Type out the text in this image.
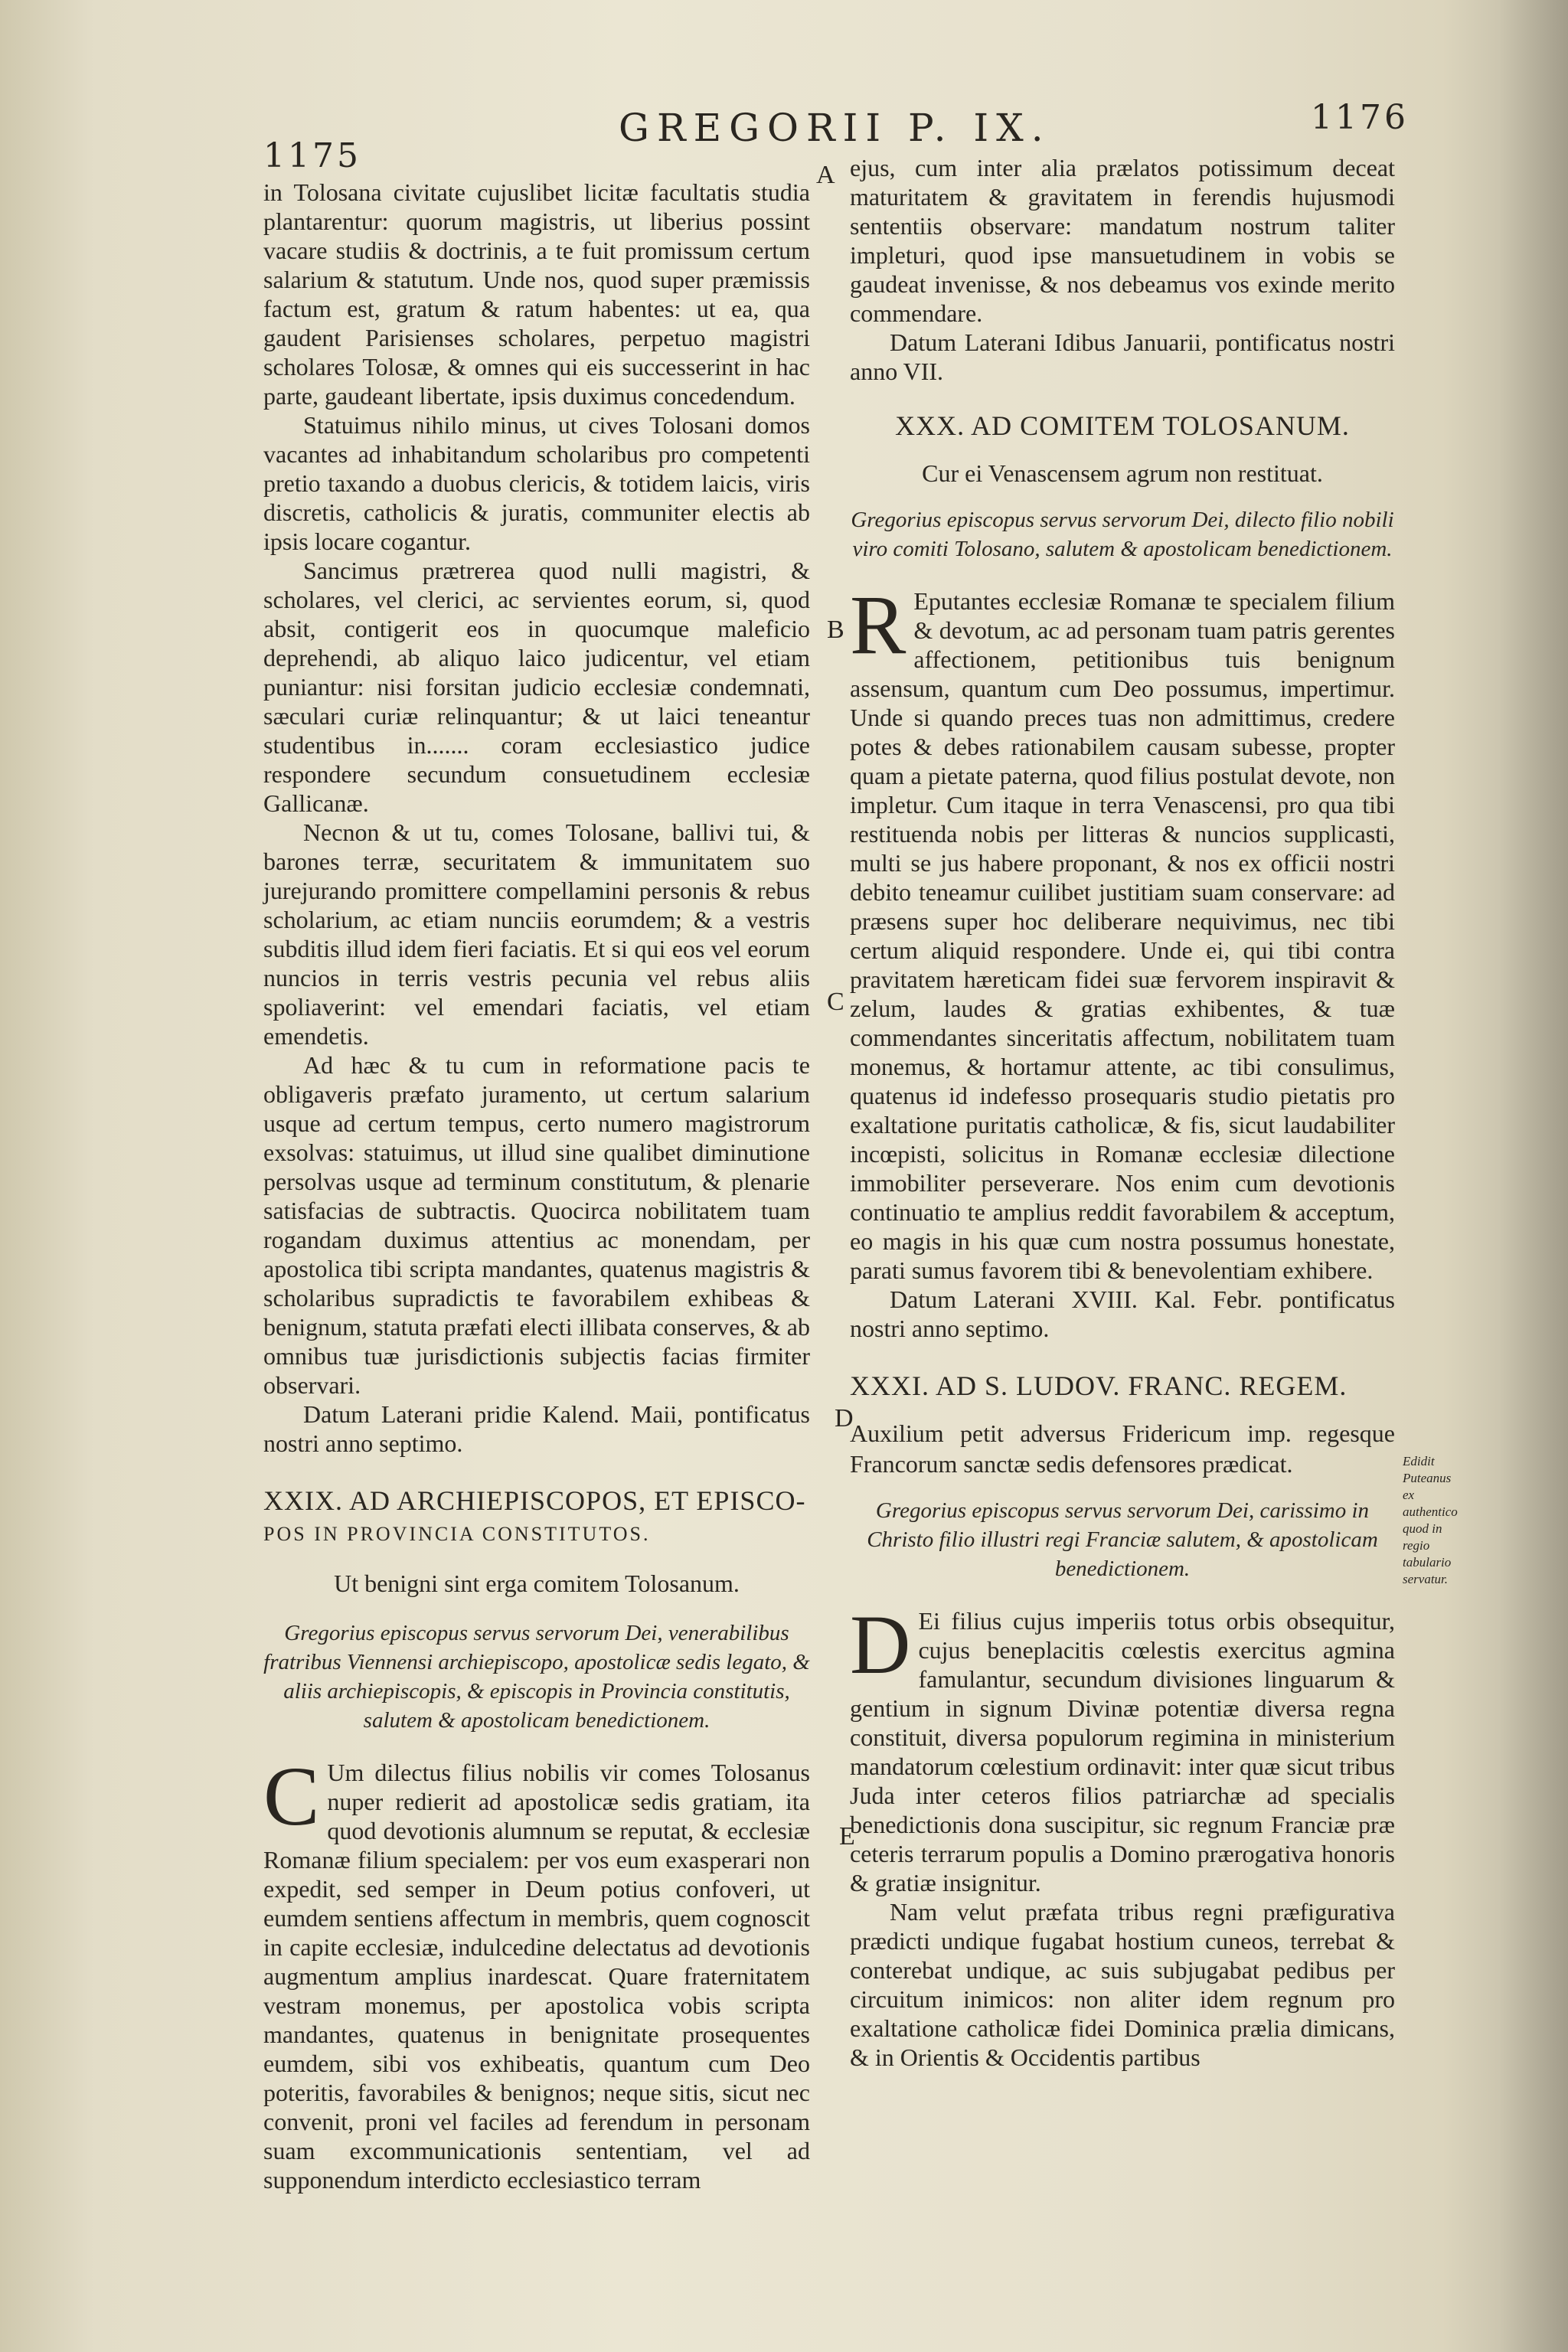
1175
GREGORII P. IX.	1176
A
B
C
D
E

in Tolosana civitate cujuslibet licitæ facultatis studia plantarentur: quorum magistris, ut liberius possint vacare studiis & doctrinis, a te fuit promissum certum salarium & statutum. Unde nos, quod super præmissis factum est, gratum & ratum habentes: ut ea, qua gaudent Parisienses scholares, perpetuo magistri scholares Tolosæ, & omnes qui eis successerint in hac parte, gaudeant libertate, ipsis duximus concedendum.

Statuimus nihilo minus, ut cives Tolosani domos vacantes ad inhabitandum scholaribus pro competenti pretio taxando a duobus clericis, & totidem laicis, viris discretis, catholicis & juratis, communiter electis ab ipsis locare cogantur.

Sancimus prætrerea quod nulli magistri, & scholares, vel clerici, ac servientes eorum, si, quod absit, contigerit eos in quocumque maleficio deprehendi, ab aliquo laico judicentur, vel etiam puniantur: nisi forsitan judicio ecclesiæ condemnati, sæculari curiæ relinquantur; & ut laici teneantur studentibus in....... coram ecclesiastico judice respondere secundum consuetudinem ecclesiæ Gallicanæ.

Necnon & ut tu, comes Tolosane, ballivi tui, & barones terræ, securitatem & immunitatem suo jurejurando promittere compellamini personis & rebus scholarium, ac etiam nunciis eorumdem; & a vestris subditis illud idem fieri faciatis. Et si qui eos vel eorum nuncios in terris vestris pecunia vel rebus aliis spoliaverint: vel emendari faciatis, vel etiam emendetis.

Ad hæc & tu cum in reformatione pacis te obligaveris præfato juramento, ut certum salarium usque ad certum tempus, certo numero magistrorum exsolvas: statuimus, ut illud sine qualibet diminutione persolvas usque ad terminum constitutum, & plenarie satisfacias de subtractis. Quocirca nobilitatem tuam rogandam duximus attentius ac monendam, per apostolica tibi scripta mandantes, quatenus magistris & scholaribus supradictis te favorabilem exhibeas & benignum, statuta præfati electi illibata conserves, & ab omnibus tuæ jurisdictionis subjectis facias firmiter observari.

Datum Laterani pridie Kalend. Maii, pontificatus nostri anno septimo.

XXIX. AD ARCHIEPISCOPOS, ET EPISCO-

POS IN PROVINCIA CONSTITUTOS.

Ut benigni sint erga comitem Tolosanum.

Gregorius episcopus servus servorum Dei, venerabilibus fratribus Viennensi archiepiscopo, apostolicæ sedis legato, & aliis archiepiscopis, & episcopis in Provincia constitutis, salutem & apostolicam benedictionem.

C Um dilectus filius nobilis vir comes Tolosanus nuper redierit ad apostolicæ sedis gratiam, ita quod devotionis alumnum se reputat, & ecclesiæ Romanæ filium specialem: per vos eum exasperari non expedit, sed semper in Deum potius confoveri, ut eumdem sentiens affectum in membris, quem cognoscit in capite ecclesiæ, indulcedine delectatus ad devotionis augmentum amplius inardescat. Quare fraternitatem vestram monemus, per apostolica vobis scripta mandantes, quatenus in benignitate prosequentes eumdem, sibi vos exhibeatis, quantum cum Deo poteritis, favorabiles & benignos; neque sitis, sicut nec convenit, proni vel faciles ad ferendum in personam suam excommunicationis sententiam, vel ad supponendum interdicto ecclesiastico terram

ejus, cum inter alia prælatos potissimum deceat maturitatem & gravitatem in ferendis hujusmodi sententiis observare: mandatum nostrum taliter impleturi, quod ipse mansuetudinem in vobis se gaudeat invenisse, & nos debeamus vos exinde merito commendare.

Datum Laterani Idibus Januarii, pontificatus nostri anno VII.

XXX. AD COMITEM TOLOSANUM.

Cur ei Venascensem agrum non restituat.

Gregorius episcopus servus servorum Dei, dilecto filio nobili viro comiti Tolosano, salutem & apostolicam benedictionem.

R Eputantes ecclesiæ Romanæ te specialem filium & devotum, ac ad personam tuam patris gerentes affectionem, petitionibus tuis benignum assensum, quantum cum Deo possumus, impertimur. Unde si quando preces tuas non admittimus, credere potes & debes rationabilem causam subesse, propter quam a pietate paterna, quod filius postulat devote, non impletur. Cum itaque in terra Venascensi, pro qua tibi restituenda nobis per litteras & nuncios supplicasti, multi se jus habere proponant, & nos ex officii nostri debito teneamur cuilibet justitiam suam conservare: ad præsens super hoc deliberare nequivimus, nec tibi certum aliquid respondere. Unde ei, qui tibi contra pravitatem hæreticam fidei suæ fervorem inspiravit & zelum, laudes & gratias exhibentes, & tuæ commendantes sinceritatis affectum, nobilitatem tuam monemus, & hortamur attente, ac tibi consulimus, quatenus id indefesso prosequaris studio pietatis pro exaltatione puritatis catholicæ, & fis, sicut laudabiliter incœpisti, solicitus in Romanæ ecclesiæ dilectione immobiliter perseverare. Nos enim cum devotionis continuatio te amplius reddit favorabilem & acceptum, eo magis in his quæ cum nostra possumus honestate, parati sumus favorem tibi & benevolentiam exhibere.

Datum Laterani XVIII. Kal. Febr. pontificatus nostri anno septimo.

XXXI. AD S. LUDOV. FRANC. REGEM.

Auxilium petit adversus Fridericum imp. regesque Francorum sanctæ sedis defensores prædicat.

Gregorius episcopus servus servorum Dei, carissimo in Christo filio illustri regi Franciæ salutem, & apostolicam benedictionem.

D Ei filius cujus imperiis totus orbis obsequitur, cujus beneplacitis cœlestis exercitus agmina famulantur, secundum divisiones linguarum & gentium in signum Divinæ potentiæ diversa regna constituit, diversa populorum regimina in ministerium mandatorum cœlestium ordinavit: inter quæ sicut tribus Juda inter ceteros filios patriarchæ ad specialis benedictionis dona suscipitur, sic regnum Franciæ præ ceteris terrarum populis a Domino prærogativa honoris & gratiæ insignitur.

Nam velut præfata tribus regni præfigurativa prædicti undique fugabat hostium cuneos, terrebat & conterebat undique, ac suis subjugabat pedibus per circuitum inimicos: non aliter idem regnum pro exaltatione catholicæ fidei Dominica prælia dimicans, & in Orientis & Occidentis partibus

Edidit Puteanus ex authentico quod in regio tabulario servatur.
